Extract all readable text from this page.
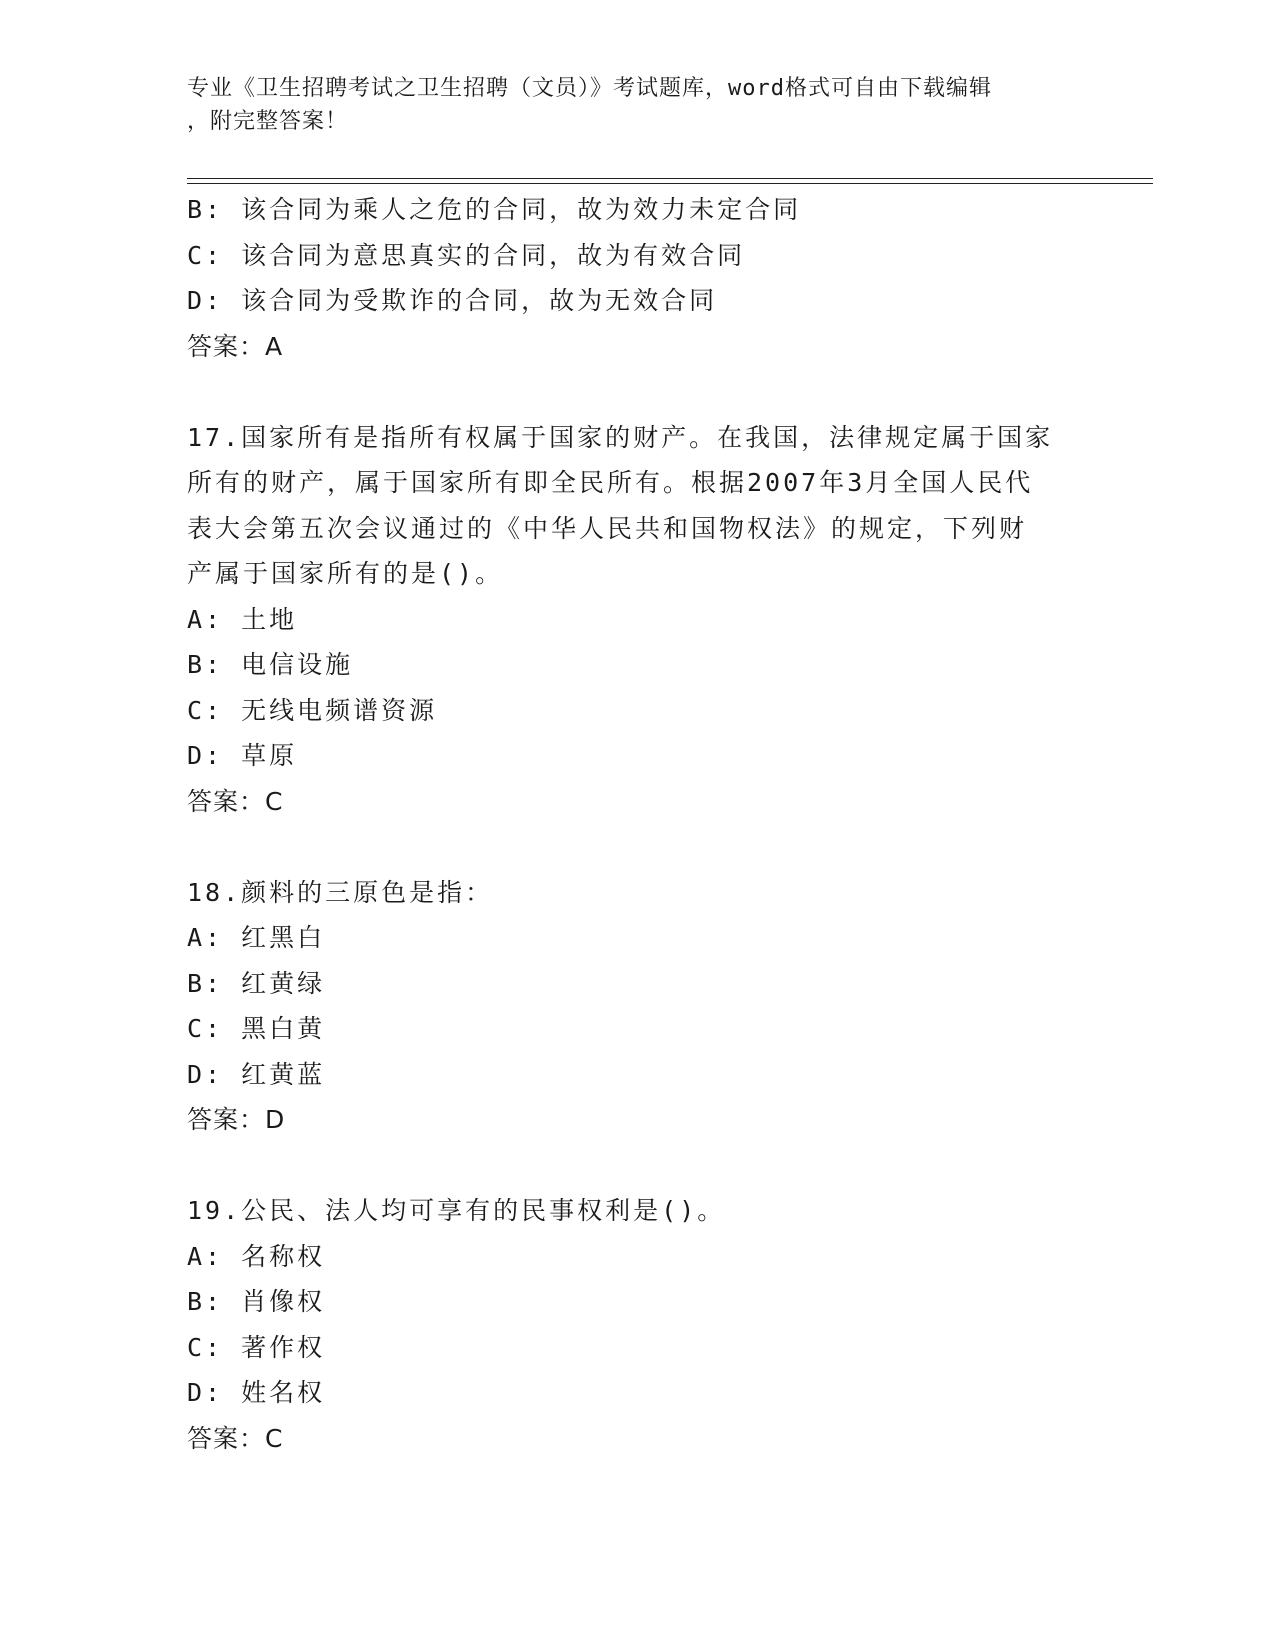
专业《卫生招聘考试之卫生招聘（文员）》考试题库，word格式可自由下载编辑
，附完整答案！
B: 该合同为乘人之危的合同，故为效力未定合同
C: 该合同为意思真实的合同，故为有效合同
D: 该合同为受欺诈的合同，故为无效合同
答案：A
17.国家所有是指所有权属于国家的财产。在我国，法律规定属于国家
所有的财产，属于国家所有即全民所有。根据2007年3月全国人民代
表大会第五次会议通过的《中华人民共和国物权法》的规定，下列财
产属于国家所有的是()。
A: 土地
B: 电信设施
C: 无线电频谱资源
D: 草原
答案：C
18.颜料的三原色是指：
A: 红黑白
B: 红黄绿
C: 黑白黄
D: 红黄蓝
答案：D
19.公民、法人均可享有的民事权利是()。
A: 名称权
B: 肖像权
C: 著作权
D: 姓名权
答案：C
